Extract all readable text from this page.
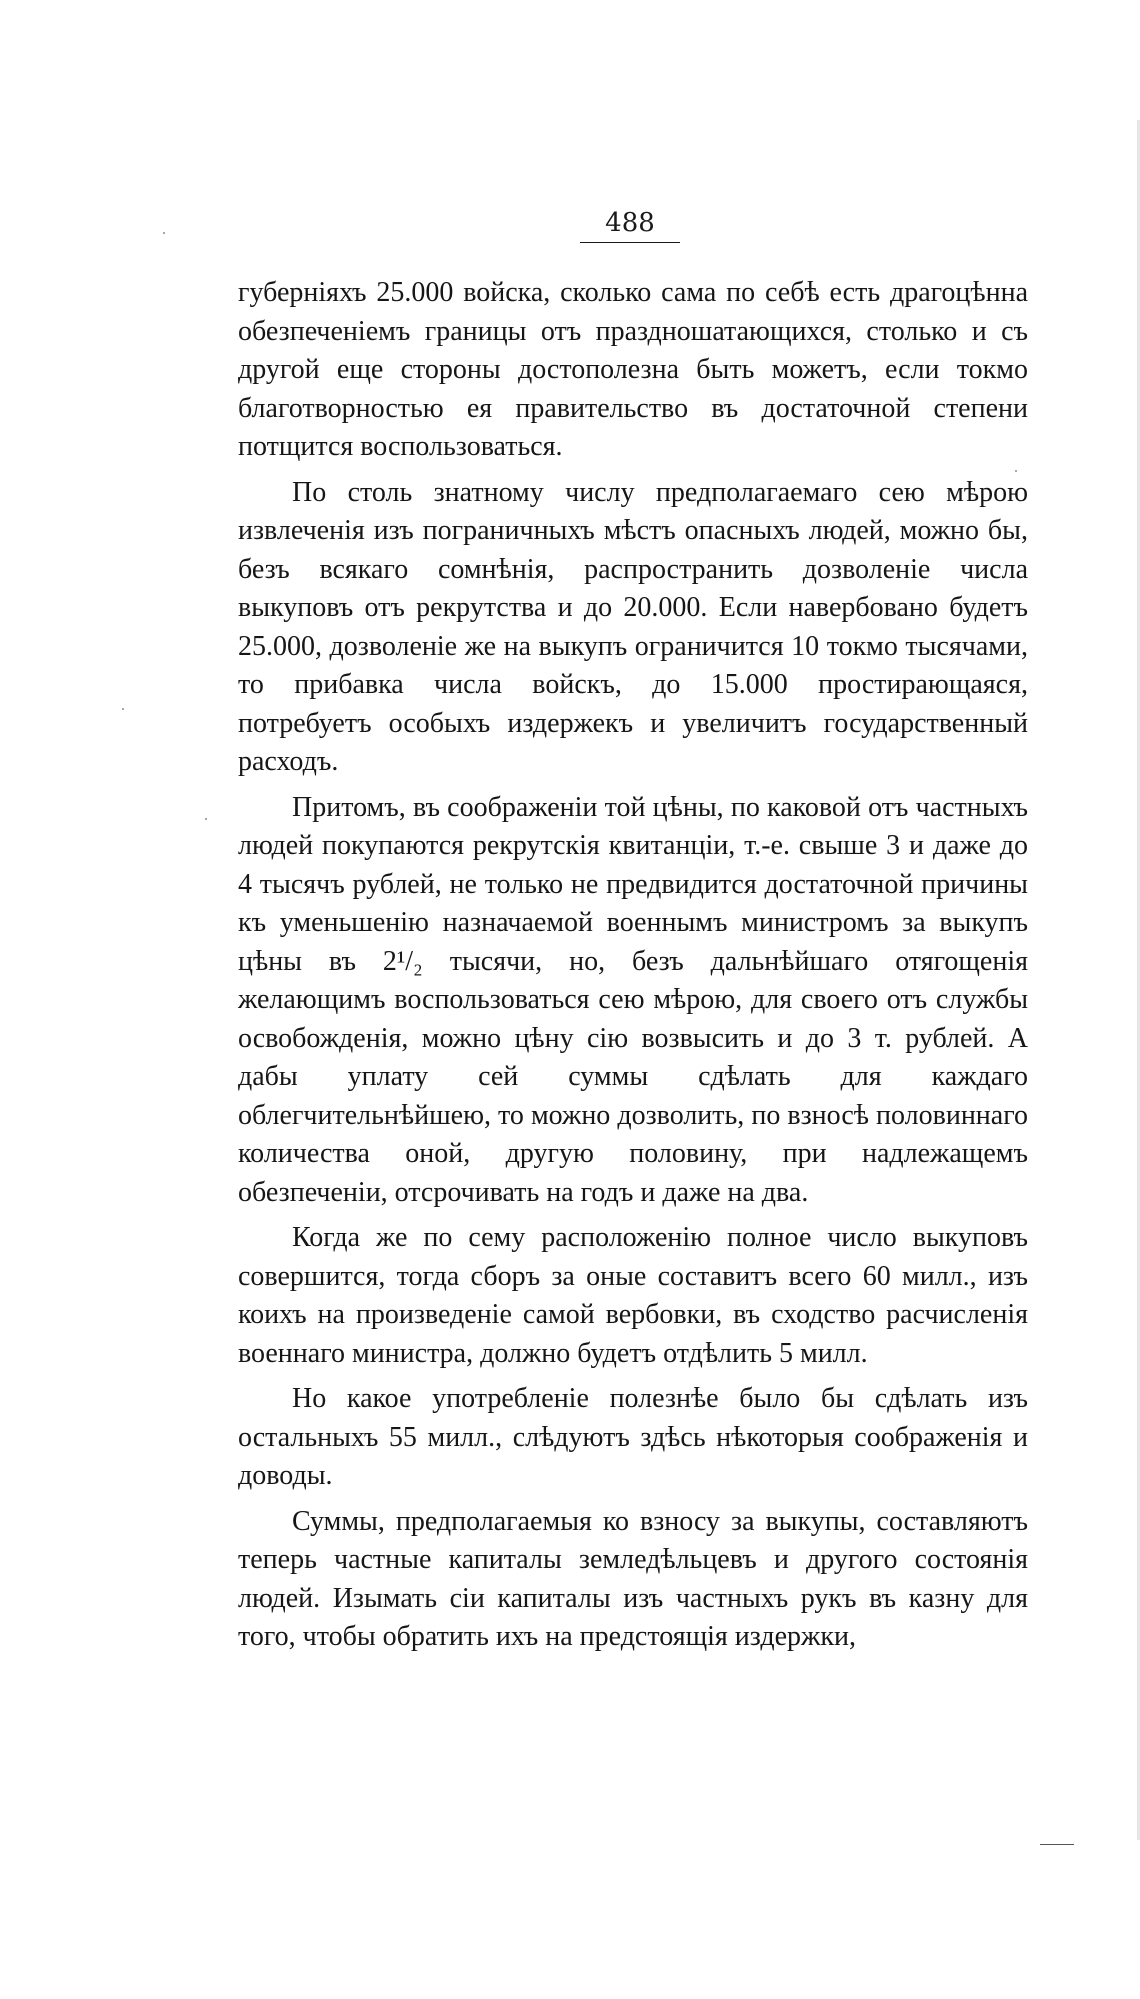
488

губерніяхъ 25.000 войска, сколько сама по себѣ есть драгоцѣнна обезпеченіемъ границы отъ праздношатающихся, столько и съ другой еще стороны достополезна быть можетъ, если токмо благотворностью ея правительство въ достаточной степени потщится воспользоваться.

По столь знатному числу предполагаемаго сею мѣрою извлеченія изъ пограничныхъ мѣстъ опасныхъ людей, можно бы, безъ всякаго сомнѣнія, распространить дозволеніе числа выкуповъ отъ рекрутства и до 20.000. Если навербовано будетъ 25.000, дозволеніе же на выкупъ ограничится 10 токмо тысячами, то прибавка числа войскъ, до 15.000 простирающаяся, потребуетъ особыхъ издержекъ и увеличитъ государственный расходъ.

Притомъ, въ соображеніи той цѣны, по каковой отъ частныхъ людей покупаются рекрутскія квитанціи, т.-е. свыше 3 и даже до 4 тысячъ рублей, не только не предвидится достаточной причины къ уменьшенію назначаемой военнымъ министромъ за выкупъ цѣны въ 2¹/₂ тысячи, но, безъ дальнѣйшаго отягощенія желающимъ воспользоваться сею мѣрою, для своего отъ службы освобожденія, можно цѣну сію возвысить и до 3 т. рублей. А дабы уплату сей суммы сдѣлать для каждаго облегчительнѣйшею, то можно дозволить, по взносѣ половиннаго количества оной, другую половину, при надлежащемъ обезпеченіи, отсрочивать на годъ и даже на два.

Когда же по сему расположенію полное число выкуповъ совершится, тогда сборъ за оные составитъ всего 60 милл., изъ коихъ на произведеніе самой вербовки, въ сходство расчисленія военнаго министра, должно будетъ отдѣлить 5 милл.

Но какое употребленіе полезнѣе было бы сдѣлать изъ остальныхъ 55 милл., слѣдуютъ здѣсь нѣкоторыя соображенія и доводы.

Суммы, предполагаемыя ко взносу за выкупы, составляютъ теперь частные капиталы земледѣльцевъ и другого состоянія людей. Изымать сіи капиталы изъ частныхъ рукъ въ казну для того, чтобы обратить ихъ на предстоящія издержки,
